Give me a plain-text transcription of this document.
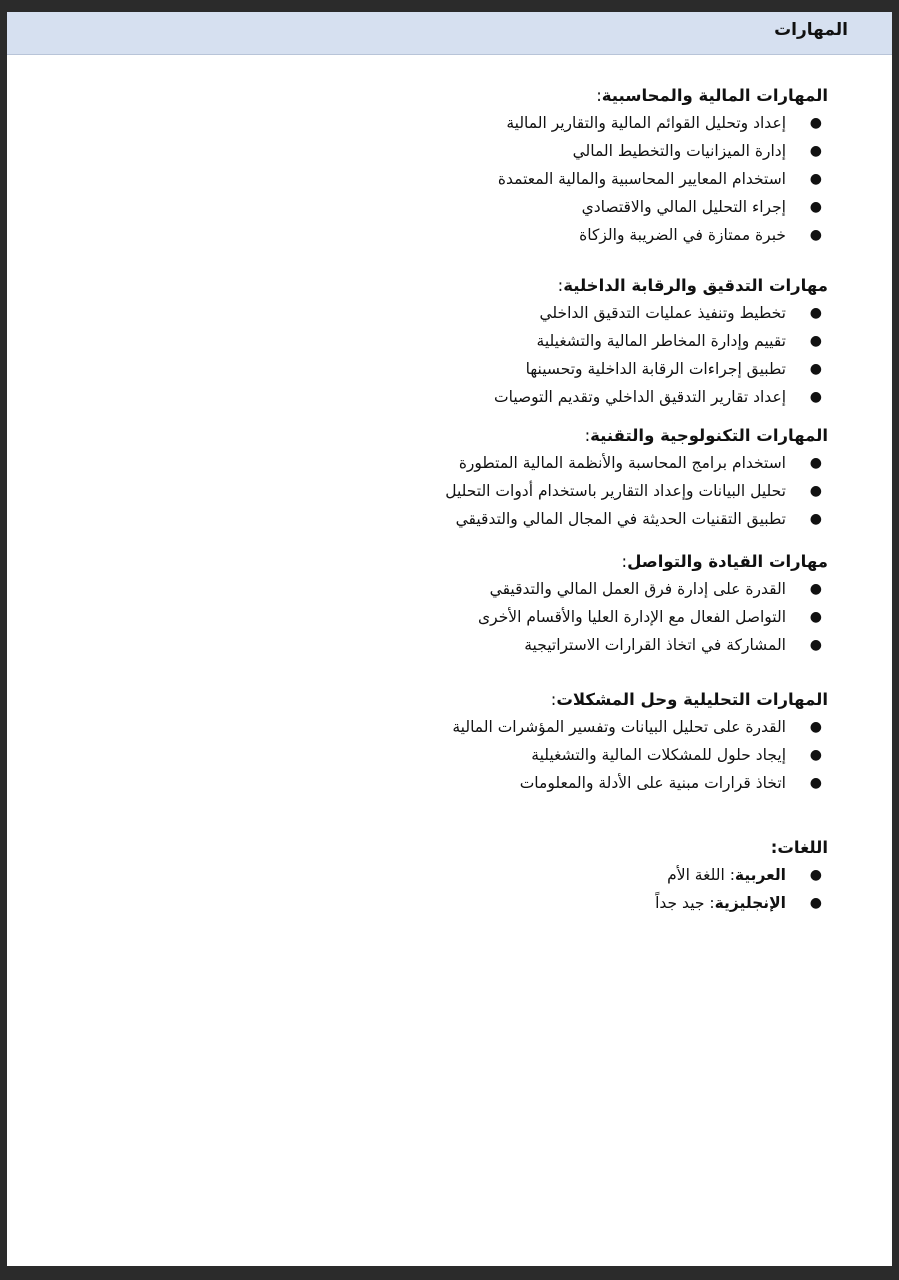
المهارات
المهارات المالية والمحاسبية:
●
إعداد وتحليل القوائم المالية والتقارير المالية
●
إدارة الميزانيات والتخطيط المالي
●
استخدام المعايير المحاسبية والمالية المعتمدة
●
إجراء التحليل المالي والاقتصادي
●
خبرة ممتازة في الضريبة والزكاة
مهارات التدقيق والرقابة الداخلية:
●
تخطيط وتنفيذ عمليات التدقيق الداخلي
●
تقييم وإدارة المخاطر المالية والتشغيلية
●
تطبيق إجراءات الرقابة الداخلية وتحسينها
●
إعداد تقارير التدقيق الداخلي وتقديم التوصيات
المهارات التكنولوجية والتقنية:
●
استخدام برامج المحاسبة والأنظمة المالية المتطورة
●
تحليل البيانات وإعداد التقارير باستخدام أدوات التحليل
●
تطبيق التقنيات الحديثة في المجال المالي والتدقيقي
مهارات القيادة والتواصل:
●
القدرة على إدارة فرق العمل المالي والتدقيقي
●
التواصل الفعال مع الإدارة العليا والأقسام الأخرى
●
المشاركة في اتخاذ القرارات الاستراتيجية
المهارات التحليلية وحل المشكلات:
●
القدرة على تحليل البيانات وتفسير المؤشرات المالية
●
إيجاد حلول للمشكلات المالية والتشغيلية
●
اتخاذ قرارات مبنية على الأدلة والمعلومات
اللغات:
●
العربية: اللغة الأم
●
الإنجليزية: جيد جداً
